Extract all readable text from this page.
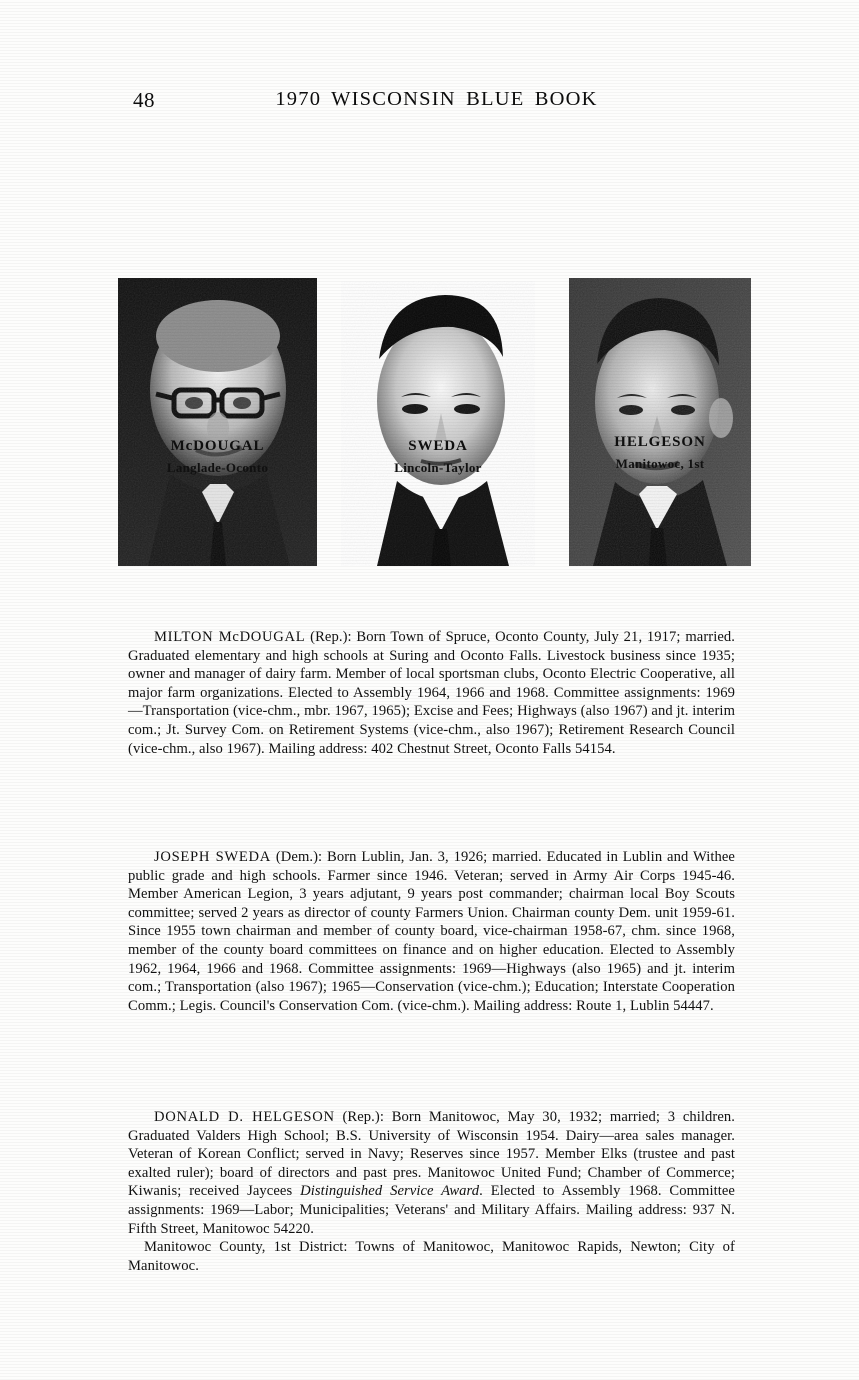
48	1970 WISCONSIN BLUE BOOK
McDOUGAL
Langlade-Oconto
SWEDA
Lincoln-Taylor
HELGESON
Manitowoc, 1st

MILTON McDOUGAL (Rep.): Born Town of Spruce, Oconto County, July 21, 1917; married. Graduated elementary and high schools at Suring and Oconto Falls. Livestock business since 1935; owner and manager of dairy farm. Member of local sportsman clubs, Oconto Electric Cooperative, all major farm organizations. Elected to Assembly 1964, 1966 and 1968. Committee assignments: 1969—Transportation (vice-chm., mbr. 1967, 1965); Excise and Fees; Highways (also 1967) and jt. interim com.; Jt. Survey Com. on Retirement Systems (vice-chm., also 1967); Retirement Research Council (vice-chm., also 1967). Mailing address: 402 Chestnut Street, Oconto Falls 54154.

JOSEPH SWEDA (Dem.): Born Lublin, Jan. 3, 1926; married. Educated in Lublin and Withee public grade and high schools. Farmer since 1946. Veteran; served in Army Air Corps 1945-46. Member American Legion, 3 years adjutant, 9 years post commander; chairman local Boy Scouts committee; served 2 years as director of county Farmers Union. Chairman county Dem. unit 1959-61. Since 1955 town chairman and member of county board, vice-chairman 1958-67, chm. since 1968, member of the county board committees on finance and on higher education. Elected to Assembly 1962, 1964, 1966 and 1968. Committee assignments: 1969—Highways (also 1965) and jt. interim com.; Transportation (also 1967); 1965—Conservation (vice-chm.); Education; Interstate Cooperation Comm.; Legis. Council's Conservation Com. (vice-chm.). Mailing address: Route 1, Lublin 54447.

DONALD D. HELGESON (Rep.): Born Manitowoc, May 30, 1932; married; 3 children. Graduated Valders High School; B.S. University of Wisconsin 1954. Dairy—area sales manager. Veteran of Korean Conflict; served in Navy; Reserves since 1957. Member Elks (trustee and past exalted ruler); board of directors and past pres. Manitowoc United Fund; Chamber of Commerce; Kiwanis; received Jaycees Distinguished Service Award. Elected to Assembly 1968. Committee assignments: 1969—Labor; Municipalities; Veterans' and Military Affairs. Mailing address: 937 N. Fifth Street, Manitowoc 54220.

Manitowoc County, 1st District: Towns of Manitowoc, Manitowoc Rapids, Newton; City of Manitowoc.
